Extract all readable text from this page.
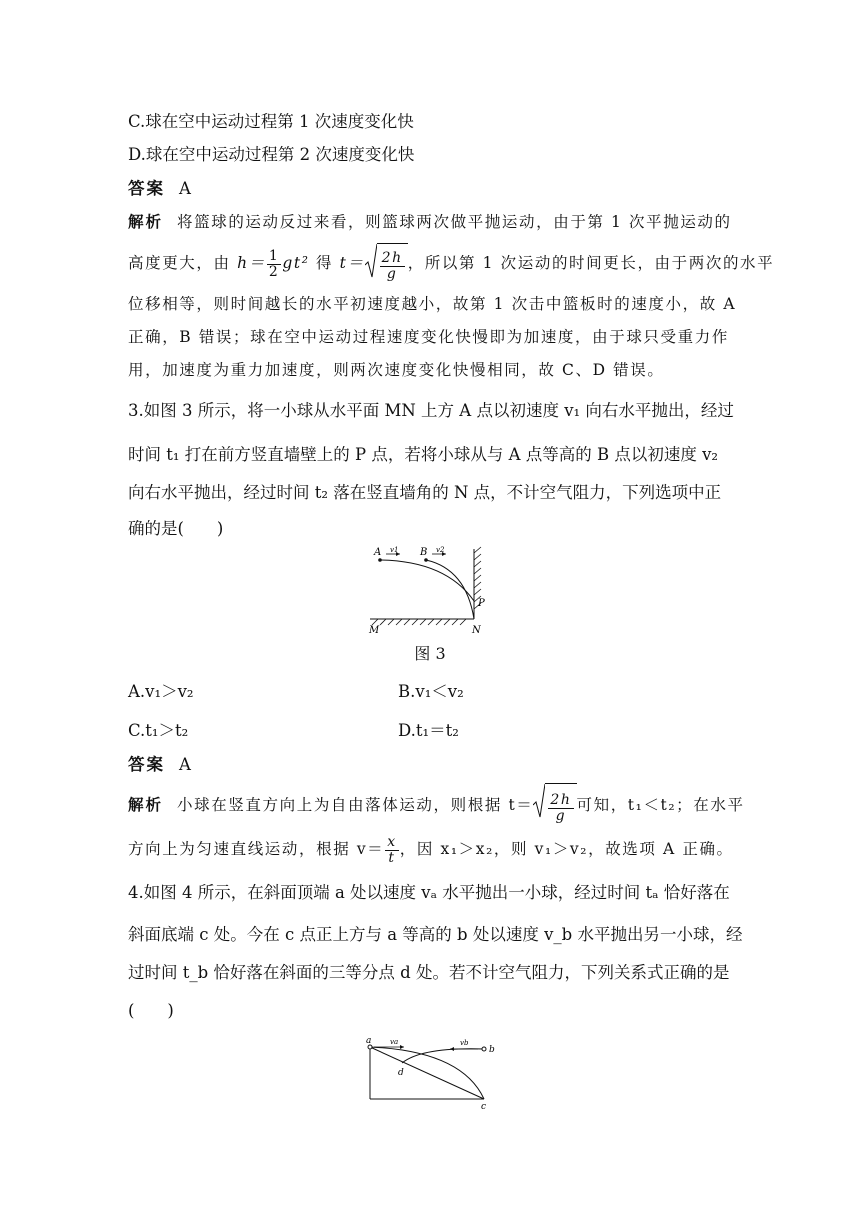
C.球在空中运动过程第 1 次速度变化快
D.球在空中运动过程第 2 次速度变化快
答案 A
解析 将篮球的运动反过来看，则篮球两次做平抛运动，由于第 1 次平抛运动的
高度更大，由 $h= \frac{1}{2} gt^2$ 得 $t= \frac{2h}{g}$ ，所以第 1 次运动的时间更长，由于两次的水平
位移相等，则时间越长的水平初速度越小，故第 1 次击中篮板时的速度小，故 A
正确，B 错误；球在空中运动过程速度变化快慢即为加速度，由于球只受重力作
用，加速度为重力加速度，则两次速度变化快慢相同，故 C、D 错误。
3.如图 3 所示，将一小球从水平面 MN 上方 A 点以初速度 v₁ 向右水平抛出，经过
时间 t₁ 打在前方竖直墙壁上的 P 点，若将小球从与 A 点等高的 B 点以初速度 v₂
向右水平抛出，经过时间 t₂ 落在竖直墙角的 N 点，不计空气阻力，下列选项中正
确的是(　　)
A v1 B v2
P
M	N
图 3
A.v₁＞v₂	B.v₁＜v₂
C.t₁＞t₂	D.t₁＝t₂
答案 A
解析 小球在竖直方向上为自由落体运动，则根据 $t= \frac{2h}{g}$ 可知，t₁＜t₂；在水平
方向上为匀速直线运动，根据 $v= \frac{x}{t}$ ，因 x₁＞x₂，则 v₁＞v₂，故选项 A 正确。
4.如图 4 所示，在斜面顶端 a 处以速度 vₐ 水平抛出一小球，经过时间 tₐ 恰好落在
斜面底端 c 处。今在 c 点正上方与 a 等高的 b 处以速度 v_b 水平抛出另一小球，经
过时间 t_b 恰好落在斜面的三等分点 d 处。若不计空气阻力，下列关系式正确的是
(　　)
a	va	vb
b
d
c
